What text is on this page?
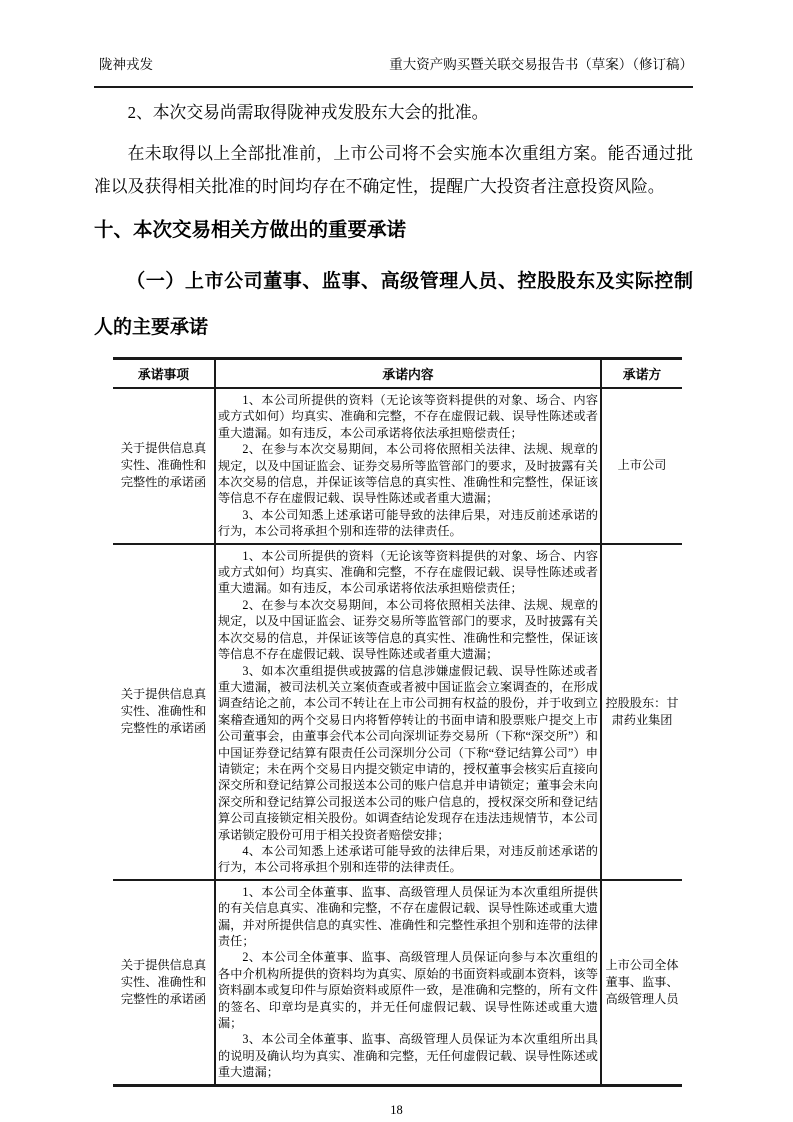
陇神戎发	重大资产购买暨关联交易报告书（草案）（修订稿）

2、本次交易尚需取得陇神戎发股东大会的批准。

在未取得以上全部批准前，上市公司将不会实施本次重组方案。能否通过批准以及获得相关批准的时间均存在不确定性，提醒广大投资者注意投资风险。

十、本次交易相关方做出的重要承诺
（一）上市公司董事、监事、高级管理人员、控股股东及实际控制人的主要承诺
承诺事项	承诺内容	承诺方
关于提供信息真实性、准确性和完整性的承诺函	1、本公司所提供的资料（无论该等资料提供的对象、场合、内容或方式如何）均真实、准确和完整，不存在虚假记载、误导性陈述或者重大遗漏。如有违反，本公司承诺将依法承担赔偿责任；

2、在参与本次交易期间，本公司将依照相关法律、法规、规章的规定，以及中国证监会、证券交易所等监管部门的要求，及时披露有关本次交易的信息，并保证该等信息的真实性、准确性和完整性，保证该等信息不存在虚假记载、误导性陈述或者重大遗漏；

3、本公司知悉上述承诺可能导致的法律后果，对违反前述承诺的行为，本公司将承担个别和连带的法律责任。	上市公司
关于提供信息真实性、准确性和完整性的承诺函	1、本公司所提供的资料（无论该等资料提供的对象、场合、内容或方式如何）均真实、准确和完整，不存在虚假记载、误导性陈述或者重大遗漏。如有违反，本公司承诺将依法承担赔偿责任；

2、在参与本次交易期间，本公司将依照相关法律、法规、规章的规定，以及中国证监会、证券交易所等监管部门的要求，及时披露有关本次交易的信息，并保证该等信息的真实性、准确性和完整性，保证该等信息不存在虚假记载、误导性陈述或者重大遗漏；

3、如本次重组提供或披露的信息涉嫌虚假记载、误导性陈述或者重大遗漏，被司法机关立案侦查或者被中国证监会立案调查的，在形成调查结论之前，本公司不转让在上市公司拥有权益的股份，并于收到立案稽查通知的两个交易日内将暂停转让的书面申请和股票账户提交上市公司董事会，由董事会代本公司向深圳证券交易所（下称“深交所”）和中国证券登记结算有限责任公司深圳分公司（下称“登记结算公司”）申请锁定；未在两个交易日内提交锁定申请的，授权董事会核实后直接向深交所和登记结算公司报送本公司的账户信息并申请锁定；董事会未向深交所和登记结算公司报送本公司的账户信息的，授权深交所和登记结算公司直接锁定相关股份。如调查结论发现存在违法违规情节，本公司承诺锁定股份可用于相关投资者赔偿安排；

4、本公司知悉上述承诺可能导致的法律后果，对违反前述承诺的行为，本公司将承担个别和连带的法律责任。	控股股东：甘肃药业集团
关于提供信息真实性、准确性和完整性的承诺函	1、本公司全体董事、监事、高级管理人员保证为本次重组所提供的有关信息真实、准确和完整，不存在虚假记载、误导性陈述或重大遗漏，并对所提供信息的真实性、准确性和完整性承担个别和连带的法律责任；

2、本公司全体董事、监事、高级管理人员保证向参与本次重组的各中介机构所提供的资料均为真实、原始的书面资料或副本资料，该等资料副本或复印件与原始资料或原件一致，是准确和完整的，所有文件的签名、印章均是真实的，并无任何虚假记载、误导性陈述或重大遗漏；

3、本公司全体董事、监事、高级管理人员保证为本次重组所出具的说明及确认均为真实、准确和完整，无任何虚假记载、误导性陈述或重大遗漏；	上市公司全体董事、监事、高级管理人员
18
